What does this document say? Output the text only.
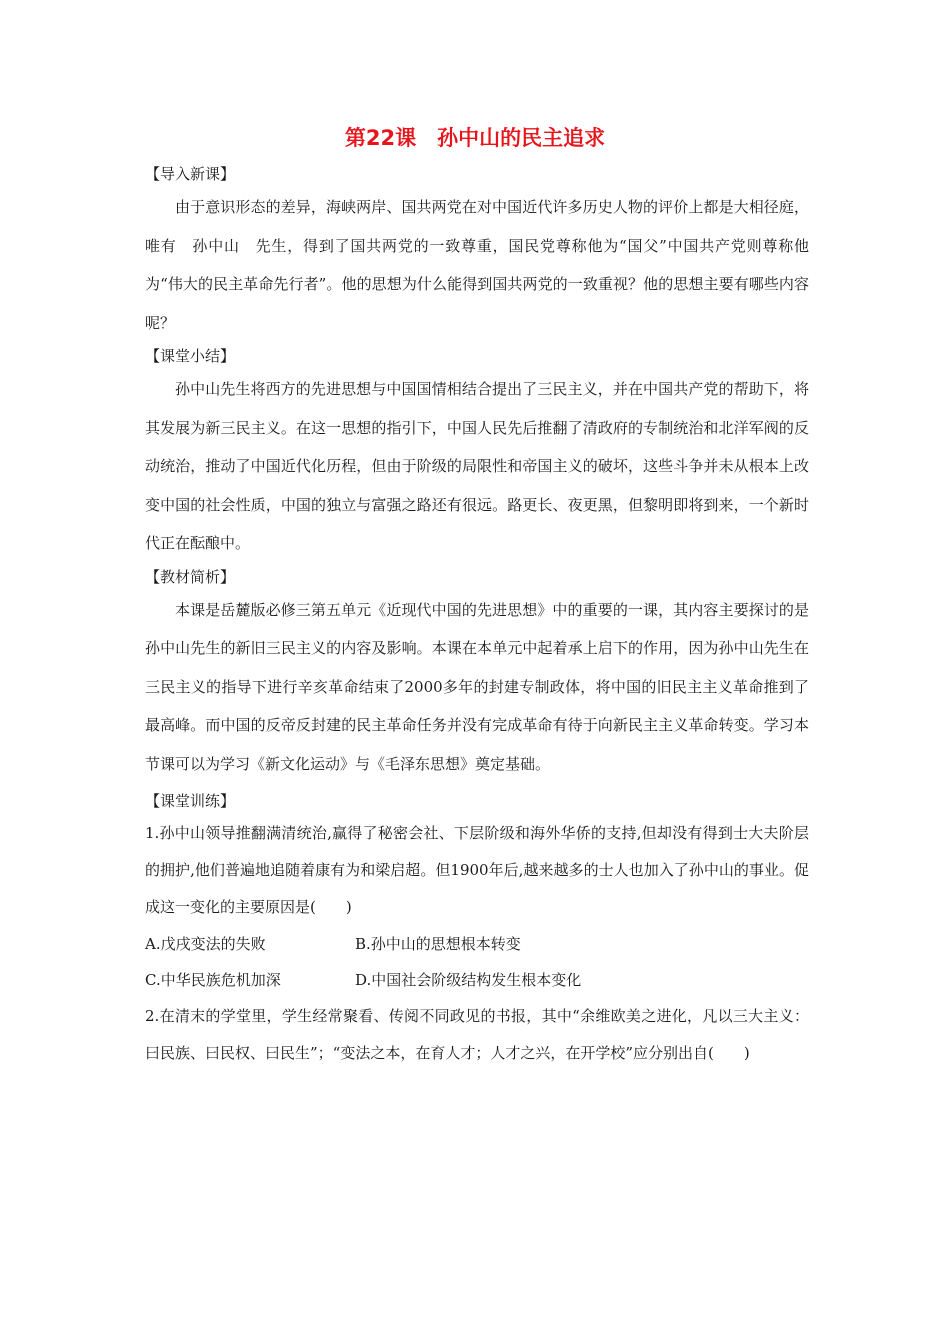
第22课　孙中山的民主追求
【导入新课】
由于意识形态的差异，海峡两岸、国共两党在对中国近代许多历史人物的评价上都是大相径庭，唯有　孙中山　先生，得到了国共两党的一致尊重，国民党尊称他为“国父”中国共产党则尊称他为“伟大的民主革命先行者”。他的思想为什么能得到国共两党的一致重视？他的思想主要有哪些内容呢？
【课堂小结】
孙中山先生将西方的先进思想与中国国情相结合提出了三民主义，并在中国共产党的帮助下，将其发展为新三民主义。在这一思想的指引下，中国人民先后推翻了清政府的专制统治和北洋军阀的反动统治，推动了中国近代化历程，但由于阶级的局限性和帝国主义的破坏，这些斗争并未从根本上改变中国的社会性质，中国的独立与富强之路还有很远。路更长、夜更黑，但黎明即将到来，一个新时代正在酝酿中。
【教材简析】
本课是岳麓版必修三第五单元《近现代中国的先进思想》中的重要的一课，其内容主要探讨的是孙中山先生的新旧三民主义的内容及影响。本课在本单元中起着承上启下的作用，因为孙中山先生在三民主义的指导下进行辛亥革命结束了2000多年的封建专制政体，将中国的旧民主主义革命推到了最高峰。而中国的反帝反封建的民主革命任务并没有完成革命有待于向新民主主义革命转变。学习本节课可以为学习《新文化运动》与《毛泽东思想》奠定基础。
【课堂训练】
1.孙中山领导推翻满清统治,赢得了秘密会社、下层阶级和海外华侨的支持,但却没有得到士大夫阶层的拥护,他们普遍地追随着康有为和梁启超。但1900年后,越来越多的士人也加入了孙中山的事业。促成这一变化的主要原因是(　　)
A.戊戌变法的失败	B.孙中山的思想根本转变
C.中华民族危机加深	D.中国社会阶级结构发生根本变化
2.在清末的学堂里，学生经常聚看、传阅不同政见的书报，其中“余维欧美之进化，凡以三大主义：曰民族、曰民权、曰民生”；“变法之本，在育人才；人才之兴，在开学校”应分别出自(　　)
